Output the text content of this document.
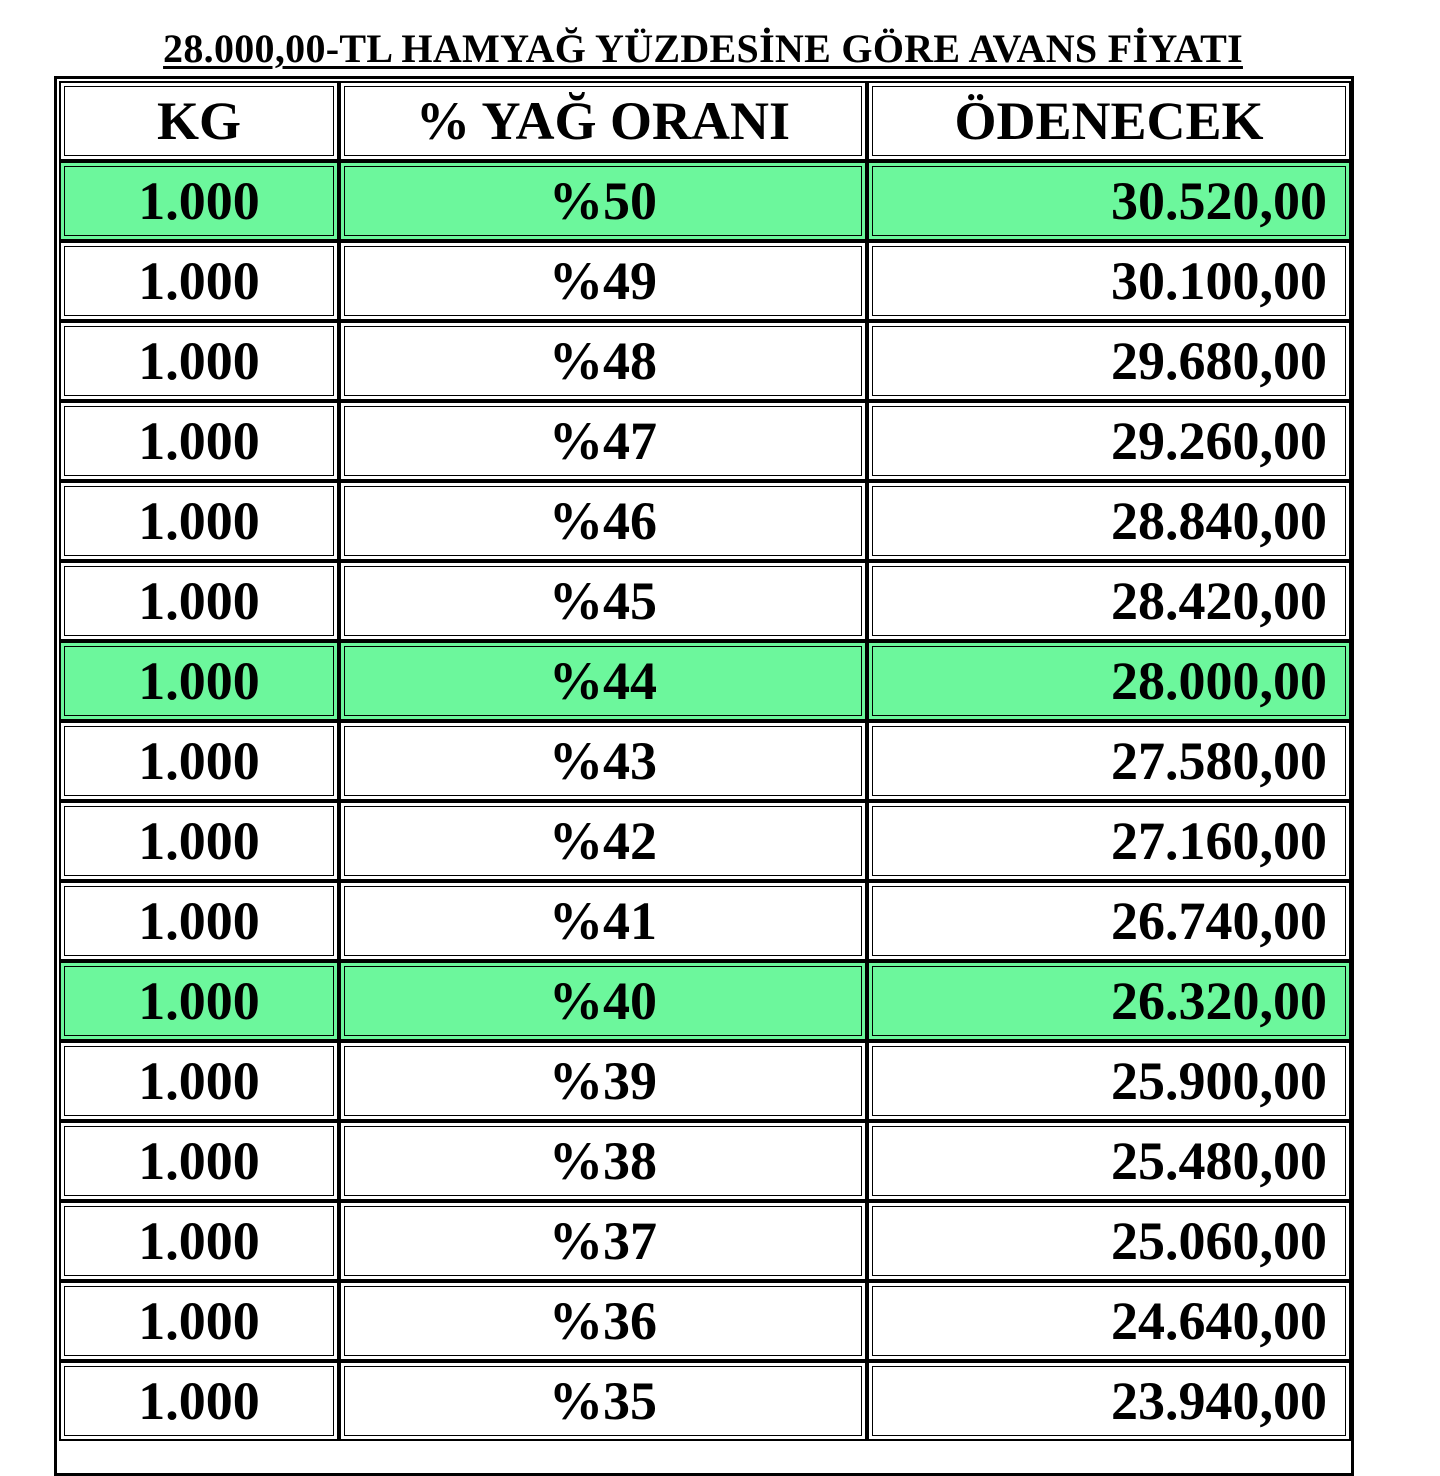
28.000,00-TL HAMYAĞ YÜZDESİNE GÖRE AVANS FİYATI
KG	% YAĞ ORANI	ÖDENECEK
1.000	%50	30.520,00
1.000	%49	30.100,00
1.000	%48	29.680,00
1.000	%47	29.260,00
1.000	%46	28.840,00
1.000	%45	28.420,00
1.000	%44	28.000,00
1.000	%43	27.580,00
1.000	%42	27.160,00
1.000	%41	26.740,00
1.000	%40	26.320,00
1.000	%39	25.900,00
1.000	%38	25.480,00
1.000	%37	25.060,00
1.000	%36	24.640,00
1.000	%35	23.940,00
